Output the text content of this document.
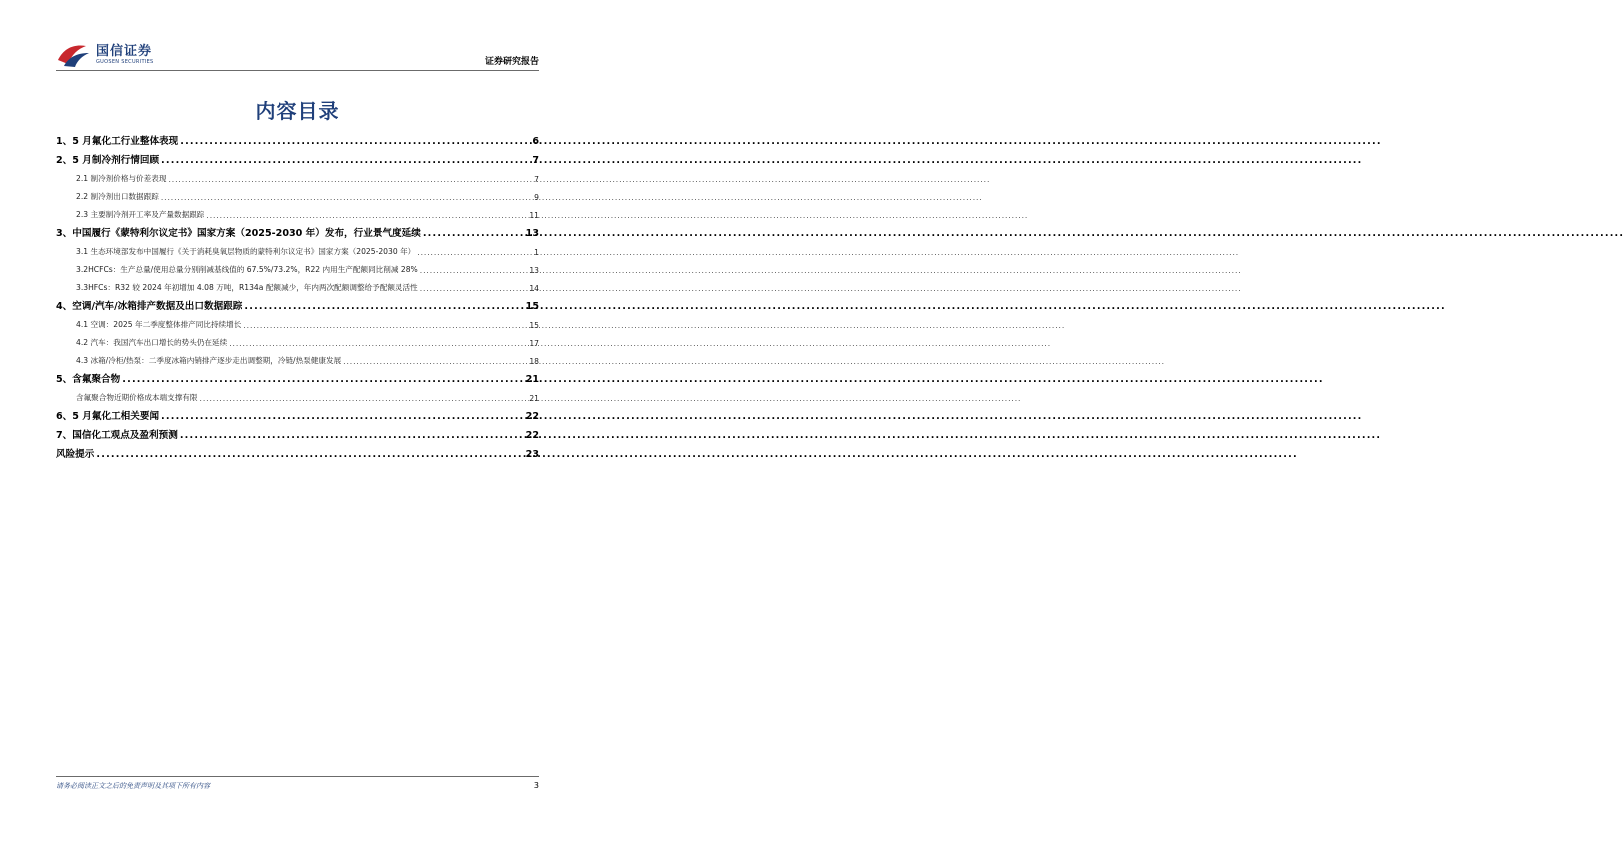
国信证券
GUOSEN SECURITIES	证券研究报告
内容目录
1、5 月氟化工行业整体表现 .....	6
2、5 月制冷剂行情回顾 .....	7
2.1 制冷剂价格与价差表现 .....	7
2.2 制冷剂出口数据跟踪 .....	9
2.3 主要制冷剂开工率及产量数据跟踪 .....	11
3、中国履行《蒙特利尔议定书》国家方案（2025-2030 年）发布，行业景气度延续 .....	13
3.1 生态环境部发布中国履行《关于消耗臭氧层物质的蒙特利尔议定书》国家方案（2025-2030 年） .....	1
3.2HCFCs：生产总量/使用总量分别削减基线值的 67.5%/73.2%，R22 内用生产配额同比削减 28% .....	13
3.3HFCs：R32 较 2024 年初增加 4.08 万吨，R134a 配额减少，年内两次配额调整给予配额灵活性 .....	14
4、空调/汽车/冰箱排产数据及出口数据跟踪 .....	15
4.1 空调：2025 年二季度整体排产同比持续增长 .....	15
4.2 汽车：我国汽车出口增长的势头仍在延续 .....	17
4.3 冰箱/冷柜/热泵：二季度冰箱内销排产逐步走出调整期，冷链/热泵健康发展 .....	18
5、含氟聚合物 .....	21
含氟聚合物近期价格成本端支撑有限 .....	21
6、5 月氟化工相关要闻 .....	22
7、国信化工观点及盈利预测 .....	22
风险提示 .....	23
请务必阅读正文之后的免责声明及其项下所有内容	3
